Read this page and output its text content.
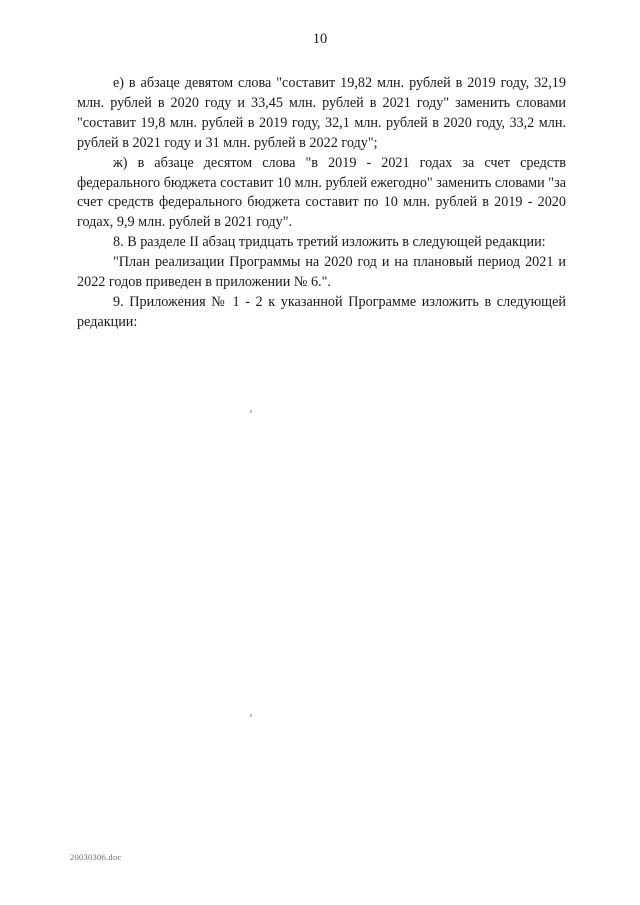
10

е) в абзаце девятом слова "составит 19,82 млн. рублей в 2019 году, 32,19 млн. рублей в 2020 году и 33,45 млн. рублей в 2021 году" заменить словами "составит 19,8 млн. рублей в 2019 году, 32,1 млн. рублей в 2020 году, 33,2 млн. рублей в 2021 году и 31 млн. рублей в 2022 году";

ж) в абзаце десятом слова "в 2019 - 2021 годах за счет средств федерального бюджета составит 10 млн. рублей ежегодно" заменить словами "за счет средств федерального бюджета составит по 10 млн. рублей в 2019 - 2020 годах, 9,9 млн. рублей в 2021 году".

8. В разделе II абзац тридцать третий изложить в следующей редакции:

"План реализации Программы на 2020 год и на плановый период 2021 и 2022 годов приведен в приложении № 6.".

9. Приложения № 1 - 2 к указанной Программе изложить в следующей редакции:

20030306.doc
